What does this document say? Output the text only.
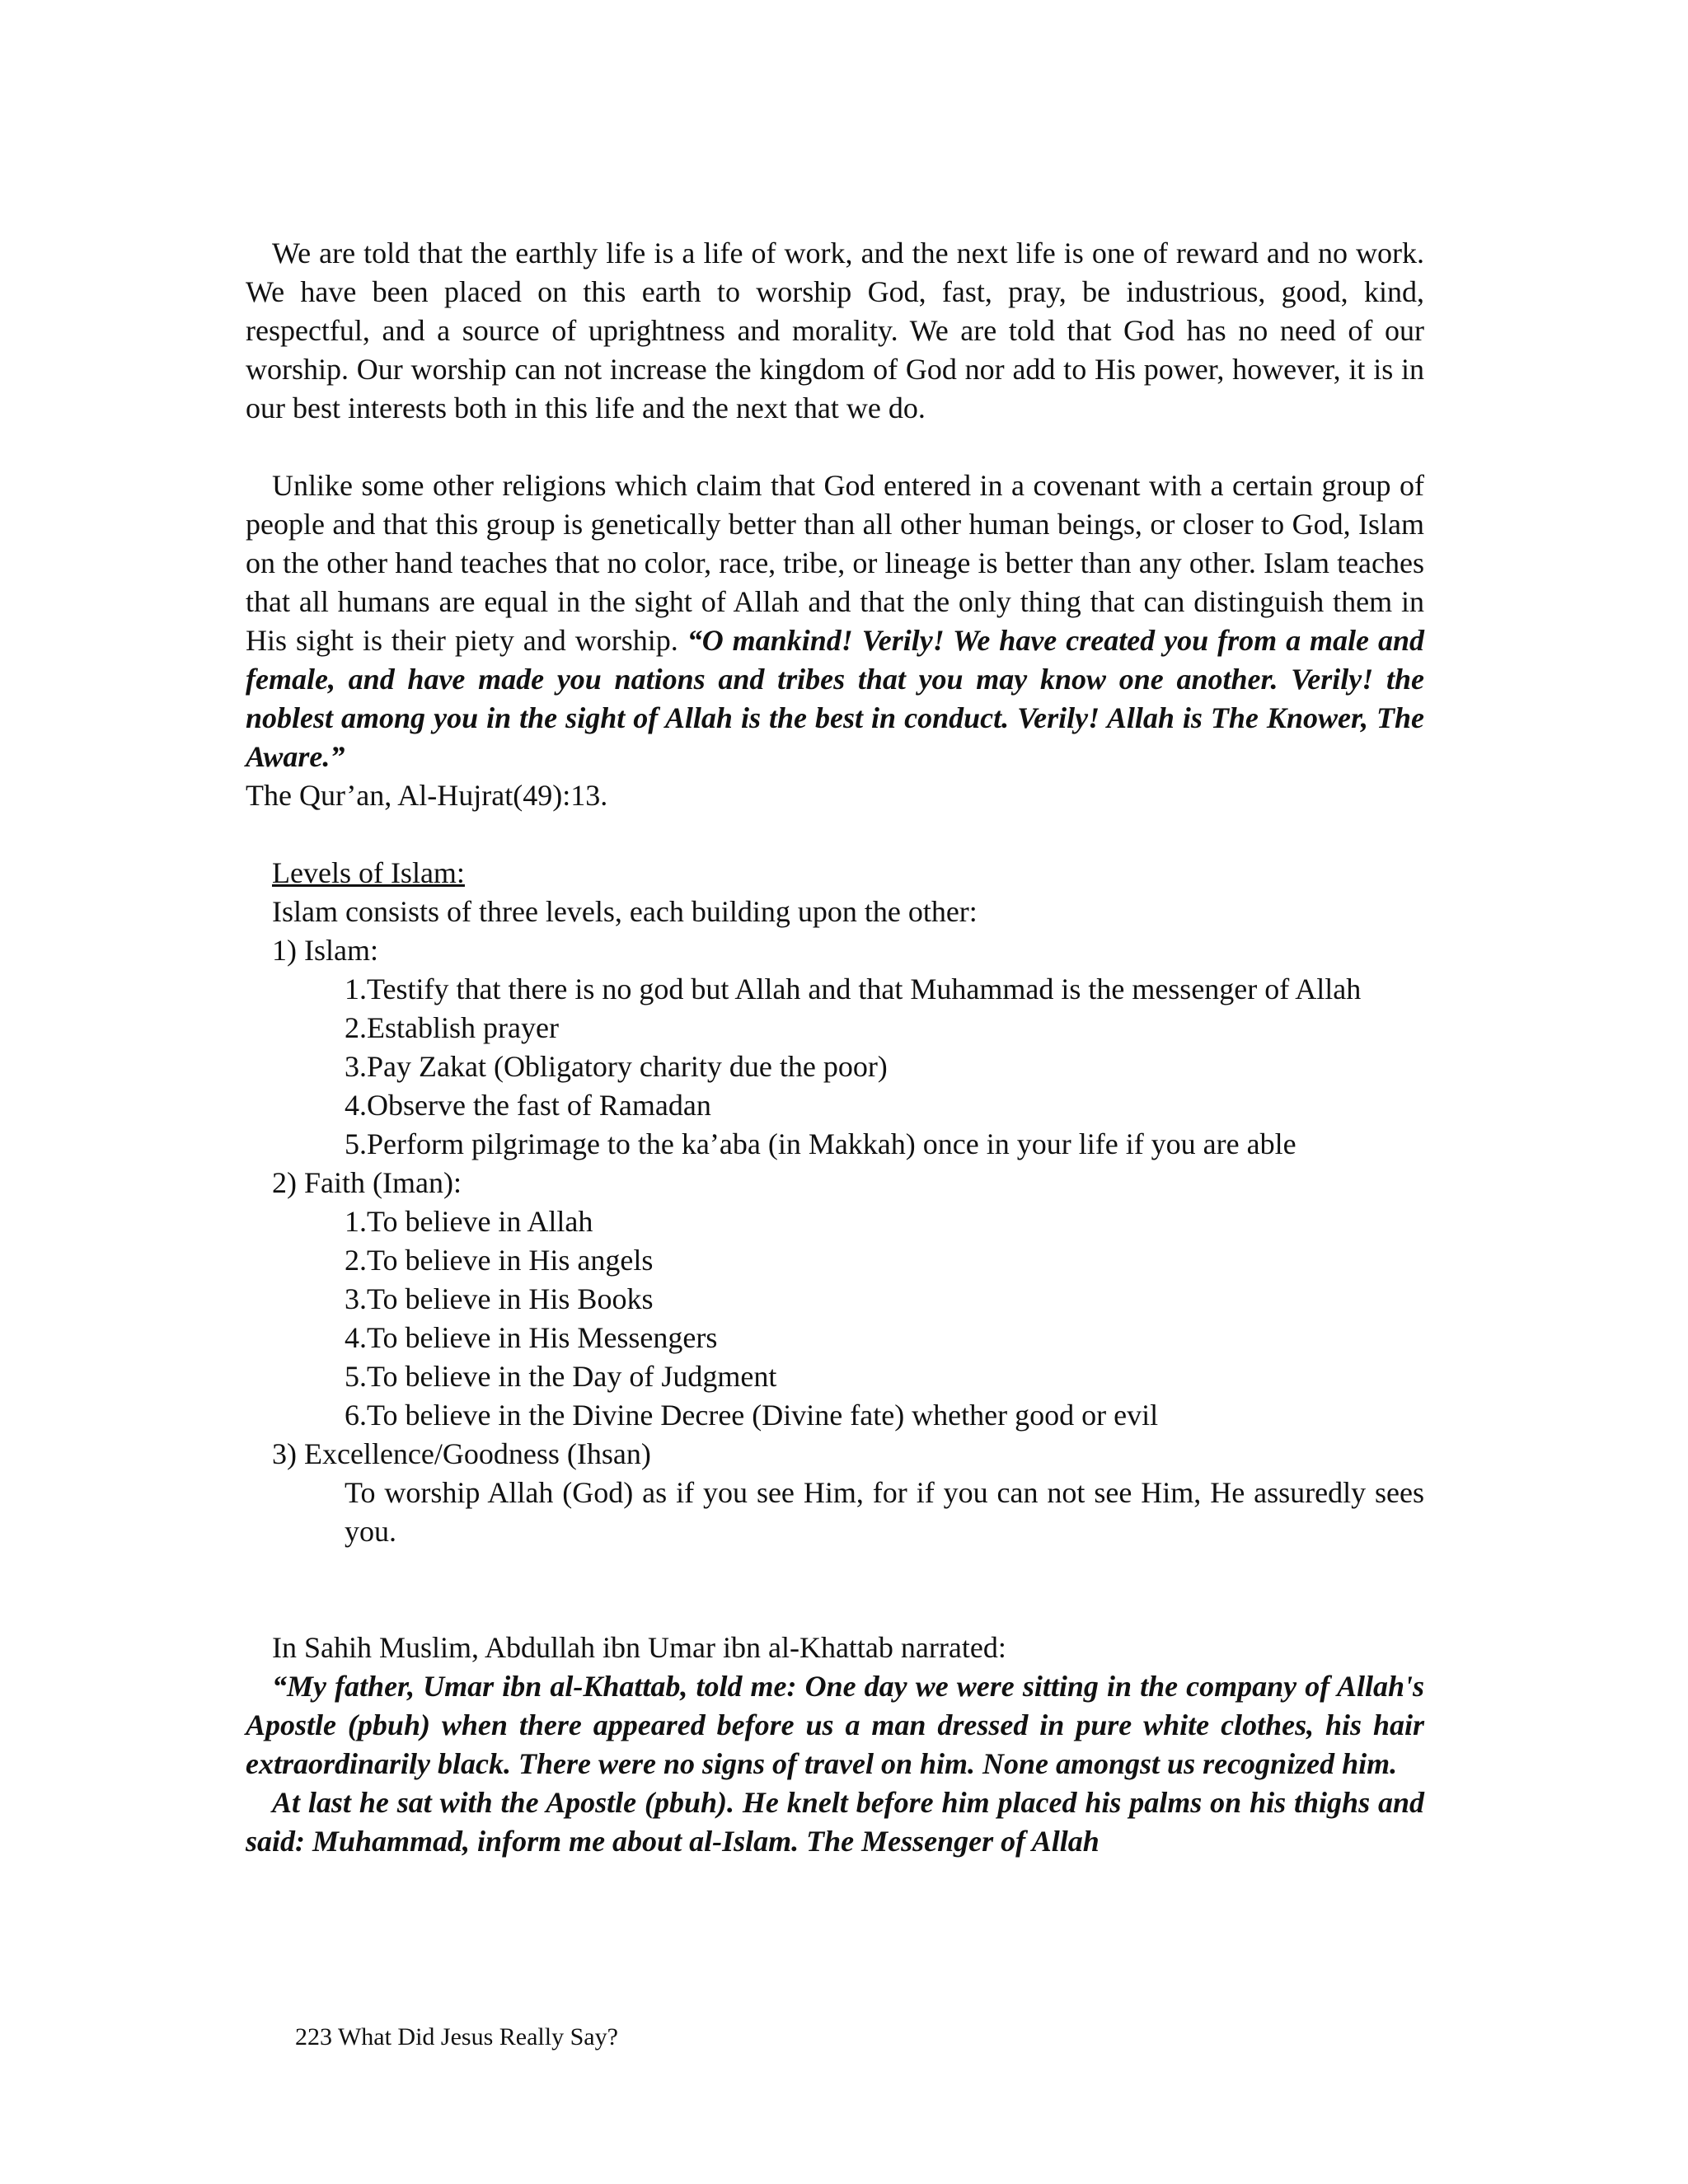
We are told that the earthly life is a life of work, and the next life is one of reward and no work. We have been placed on this earth to worship God, fast, pray, be industrious, good, kind, respectful, and a source of uprightness and morality. We are told that God has no need of our worship. Our worship can not increase the kingdom of God nor add to His power, however, it is in our best interests both in this life and the next that we do.

Unlike some other religions which claim that God entered in a covenant with a certain group of people and that this group is genetically better than all other human beings, or closer to God, Islam on the other hand teaches that no color, race, tribe, or lineage is better than any other. Islam teaches that all humans are equal in the sight of Allah and that the only thing that can distinguish them in His sight is their piety and worship. “O mankind! Verily! We have created you from a male and female, and have made you nations and tribes that you may know one another. Verily! the noblest among you in the sight of Allah is the best in conduct. Verily! Allah is The Knower, The Aware.”
The Qur’an, Al-Hujrat(49):13.

Levels of Islam:

Islam consists of three levels, each building upon the other:

1) Islam:

1.Testify that there is no god but Allah and that Muhammad is the messenger of Allah
2.Establish prayer
3.Pay Zakat (Obligatory charity due the poor)
4.Observe the fast of Ramadan
5.Perform pilgrimage to the ka’aba (in Makkah) once in your life if you are able

2) Faith (Iman):

1.To believe in Allah
2.To believe in His angels
3.To believe in His Books
4.To believe in His Messengers
5.To believe in the Day of Judgment
6.To believe in the Divine Decree (Divine fate) whether good or evil

3) Excellence/Goodness (Ihsan)

To worship Allah (God) as if you see Him, for if you can not see Him, He assuredly sees you.

In Sahih Muslim, Abdullah ibn Umar ibn al-Khattab narrated:

“My father, Umar ibn al-Khattab, told me: One day we were sitting in the company of Allah's Apostle (pbuh) when there appeared before us a man dressed in pure white clothes, his hair extraordinarily black. There were no signs of travel on him. None amongst us recognized him.

At last he sat with the Apostle (pbuh). He knelt before him placed his palms on his thighs and said: Muhammad, inform me about al-Islam. The Messenger of Allah

223 What Did Jesus Really Say?
